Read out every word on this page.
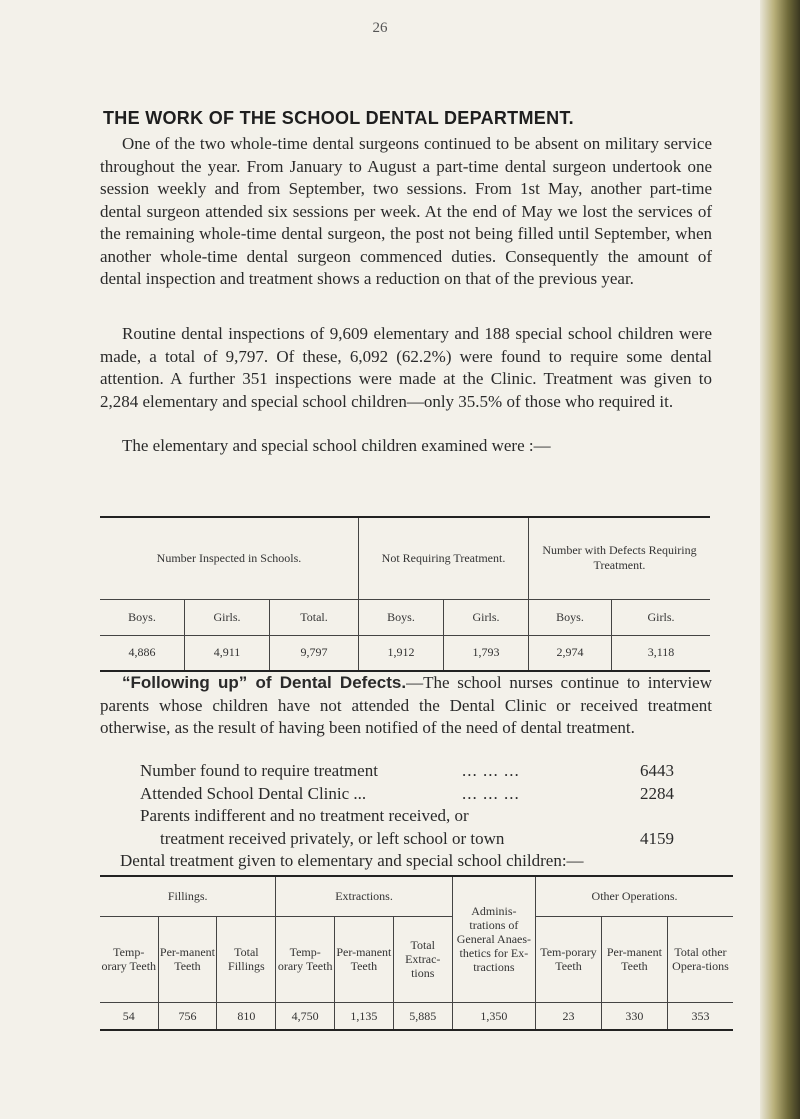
26
THE WORK OF THE SCHOOL DENTAL DEPARTMENT.

One of the two whole-time dental surgeons continued to be absent on military service throughout the year. From January to August a part-time dental surgeon undertook one session weekly and from September, two sessions. From 1st May, another part-time dental surgeon attended six sessions per week. At the end of May we lost the services of the remaining whole-time dental surgeon, the post not being filled until September, when another whole-time dental surgeon commenced duties. Consequently the amount of dental inspection and treatment shows a reduction on that of the previous year.

Routine dental inspections of 9,609 elementary and 188 special school children were made, a total of 9,797. Of these, 6,092 (62.2%) were found to require some dental attention. A further 351 inspections were made at the Clinic. Treatment was given to 2,284 elementary and special school children—only 35.5% of those who required it.

The elementary and special school children examined were :—

Number Inspected in Schools.			Not Requiring Treatment.		Number with Defects Requiring Treatment.	
Boys.	Girls.	Total.	Boys.	Girls.	Boys.	Girls.
4,886	4,911	9,797	1,912	1,793	2,974	3,118

“Following up” of Dental Defects.—The school nurses continue to interview parents whose children have not attended the Dental Clinic or received treatment otherwise, as the result of having been notified of the need of dental treatment.

Number found to require treatment	... ... ...	6443
Attended School Dental Clinic ...	... ... ...	2284
Parents indifferent and no treatment received, or
treatment received privately, or left school or town	4159

Dental treatment given to elementary and special school children:—

Fillings.			Extractions.			Adminis-trations of General Anaes-thetics for Ex-tractions	Other Operations.		
Temp-orary Teeth	Per-manent Teeth	Total Fillings	Temp-orary Teeth	Per-manent Teeth	Total Extrac-tions		Tem-porary Teeth	Per-manent Teeth	Total other Opera-tions
54	756	810	4,750	1,135	5,885	1,350	23	330	353
